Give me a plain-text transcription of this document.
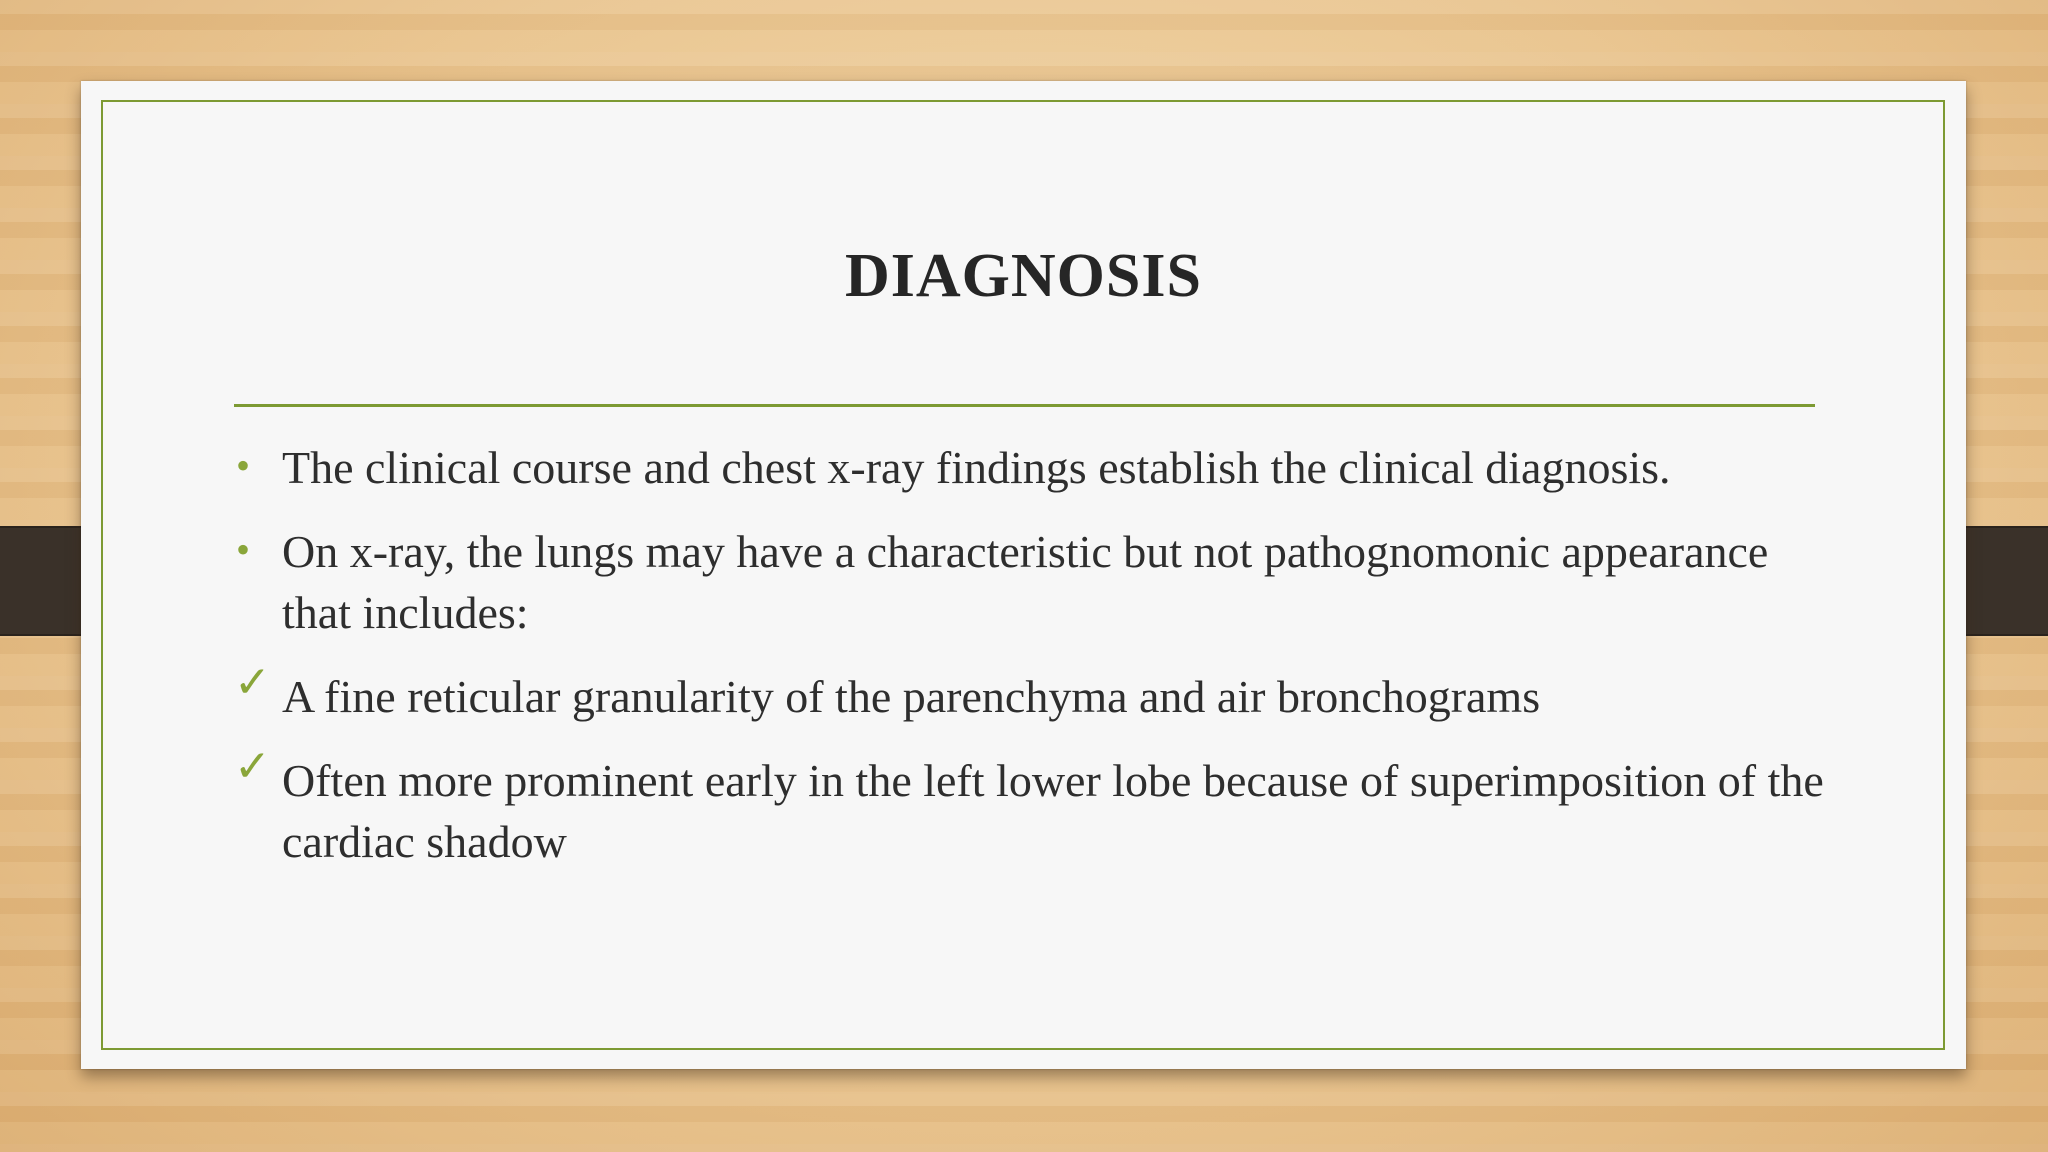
DIAGNOSIS
• The clinical course and chest x-ray findings establish the clinical diagnosis.
• On x-ray, the lungs may have a characteristic but not pathognomonic appearance that includes:
✓ A fine reticular granularity of the parenchyma and air bronchograms
✓ Often more prominent early in the left lower lobe because of superimposition of the cardiac shadow
